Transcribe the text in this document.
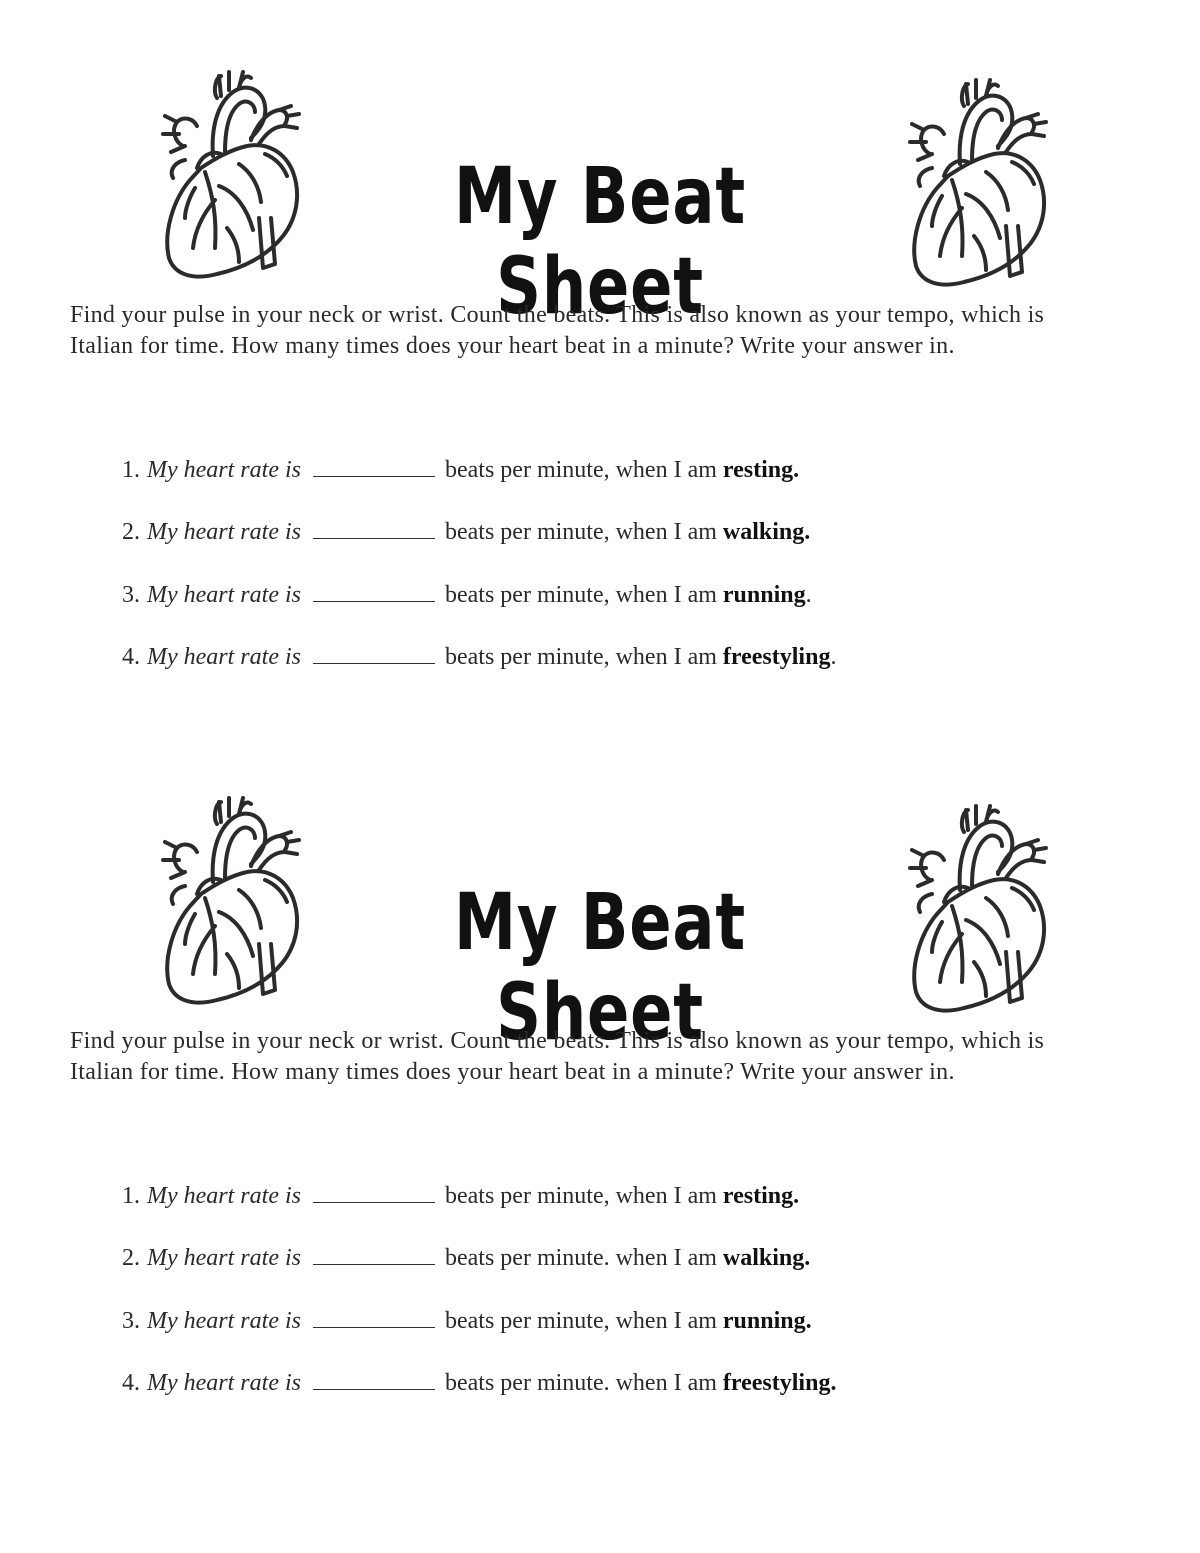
My Beat Sheet

Find your pulse in your neck or wrist. Count the beats. This is also known as your tempo, which is Italian for time. How many times does your heart beat in a minute? Write your answer in.

1. My heart rate is	beats per minute, when I am resting.
2. My heart rate is	beats per minute, when I am walking.
3. My heart rate is	beats per minute, when I am running.
4. My heart rate is	beats per minute, when I am freestyling.
My Beat Sheet

Find your pulse in your neck or wrist. Count the beats. This is also known as your tempo, which is Italian for time. How many times does your heart beat in a minute? Write your answer in.

1. My heart rate is	beats per minute, when I am resting.
2. My heart rate is	beats per minute. when I am walking.
3. My heart rate is	beats per minute, when I am running.
4. My heart rate is	beats per minute. when I am freestyling.
